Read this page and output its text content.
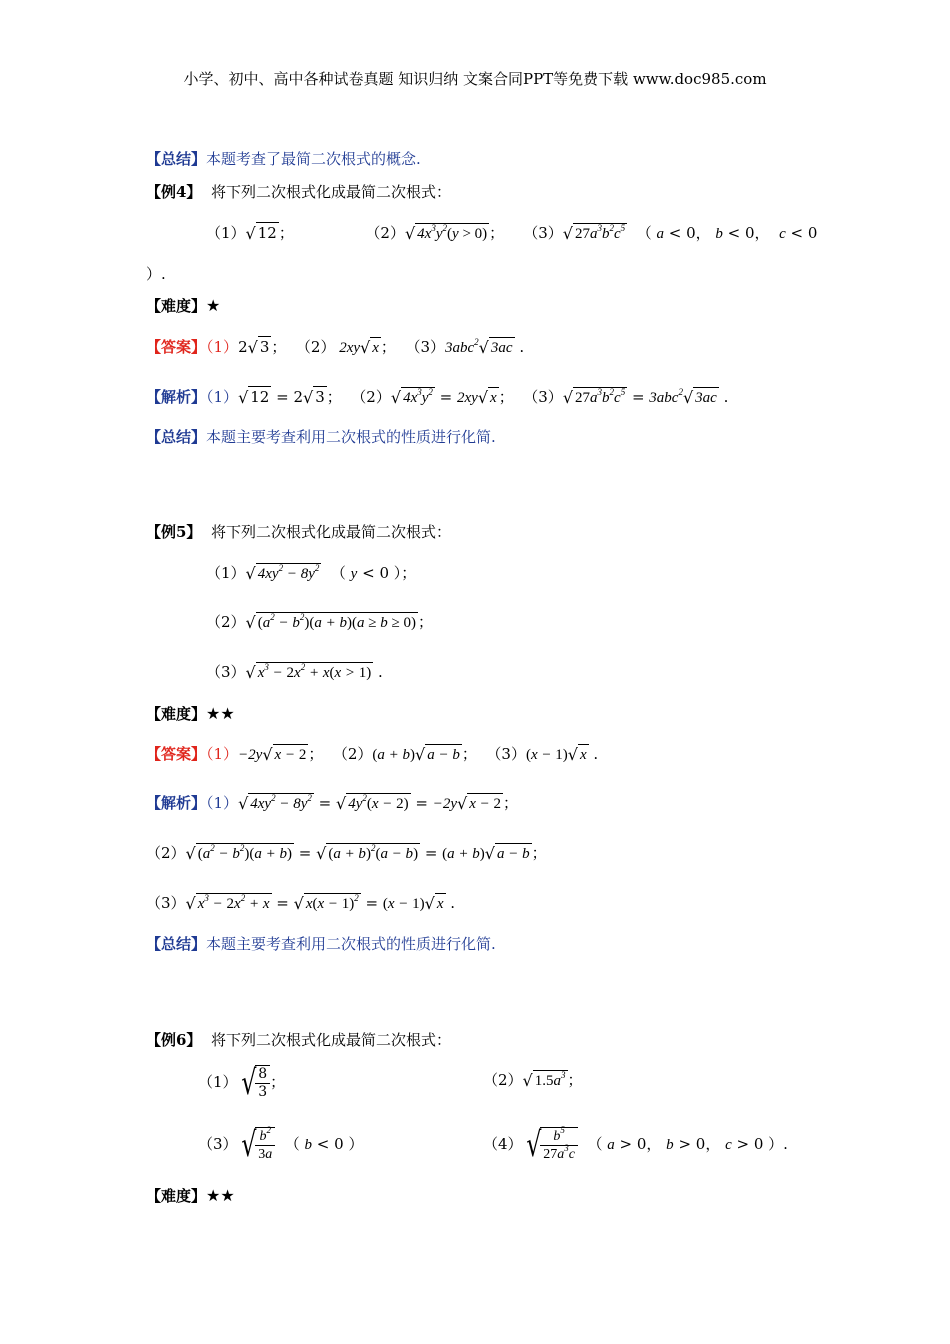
小学、初中、高中各种试卷真题 知识归纳 文案合同PPT等免费下载 www.doc985.com
【总结】本题考查了最简二次根式的概念.
【例4】 将下列二次根式化成最简二次根式：
（1）√ 12 ；	（2）√ $4x^3y^2(y > 0)$ ； （3）√ $27a^3b^2c^5$  （ a < 0， b < 0，  c < 0
）.
【难度】★
【答案】（1）2√ 3 ；  （2） 2xy√ x ；  （3）3abc$^2$√ 3ac .
【解析】（1）√ 12 = 2√ 3 ；  （2）√ $4x^3y^2 = 2xy√$ x ；  （3）√ $27a^3b^2c^5 = 3abc^2√$ 3ac .
【总结】本题主要考查利用二次根式的性质进行化简.
【例5】 将下列二次根式化成最简二次根式：
（1）√ $4xy^2 - 8y^2$  （ y < 0 ）；
（2）√ $(a^2 - b^2)(a + b)(a \ge b \ge 0)$ ；
（3）√ $x^3 - 2x^2 + x(x > 1)$ .
【难度】★★
【答案】（1）−2y√ x − 2 ；  （2）(a + b)√ a − b ；  （3）(x − 1)√ x .
【解析】（1）√ $4xy^2 - 8y^2$ = √ $4y^2(x - 2) = -2y√$ x − 2 ；
（2）√ $(a^2 - b^2)(a + b)$ = √ $(a + b)^2(a - b) = (a + b)√$ a − b ；
（3）√ $x^3 - 2x^2 + x$ = √ $x(x - 1)^2 = (x - 1)√$ x .
【总结】本题主要考查利用二次根式的性质进行化简.
【例6】 将下列二次根式化成最简二次根式：
$(1)√ \frac{8}{3}$ ；	（2）√ $1.5a^3$ ；
$(3)√ \frac{b^2}{3a}$ （ b < 0 ）	$(4)√ \frac{b^5}{27a^3c}$ （ a > 0， b > 0， c > 0 ）.
【难度】★★
